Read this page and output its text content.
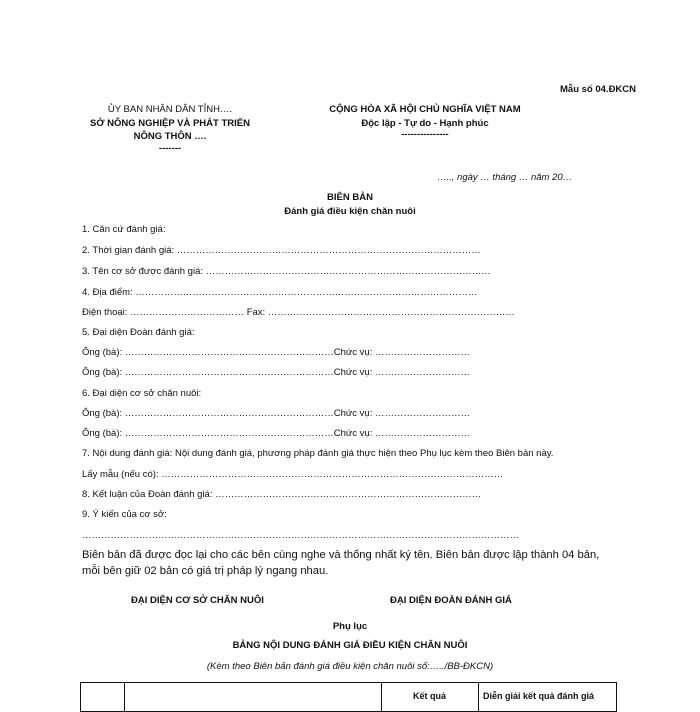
Mẫu số 04.ĐKCN
ỦY BAN NHÂN DÂN TỈNH….
SỞ NÔNG NGHIỆP VÀ PHÁT TRIỂN
NÔNG THÔN ….
-------
CỘNG HÒA XÃ HỘI CHỦ NGHĨA VIỆT NAM
Độc lập - Tự do - Hạnh phúc
---------------
….., ngày … tháng … năm 20…
BIÊN BẢN
Đánh giá điều kiện chăn nuôi
1. Căn cứ đánh giá:
2. Thời gian đánh giá: ……………………………………………………………………………………
3. Tên cơ sở được đánh giá: ………………………………………………………………………………
4. Địa điểm: ………………………………………………………………………………………………
Điện thoại: ……………………………… Fax: ……………………………………………………………………
5. Đại diện Đoàn đánh giá:
Ông (bà): …………………………………………………………Chức vụ: …………………………
Ông (bà): …………………………………………………………Chức vụ: …………………………
6. Đại diện cơ sở chăn nuôi:
Ông (bà): …………………………………………………………Chức vụ: …………………………
Ông (bà): …………………………………………………………Chức vụ: …………………………
7. Nội dung đánh giá: Nội dung đánh giá, phương pháp đánh giá thực hiện theo Phụ lục kèm theo Biên bản này.
Lấy mẫu (nếu có): ………………………………………………………………………………………………
8. Kết luận của Đoàn đánh giá: …………………………………………………………………………
9. Ý kiến của cơ sở:
…………………………………………………………………………………………………………………………
Biên bản đã được đọc lại cho các bên cùng nghe và thống nhất ký tên. Biên bản được lập thành 04 bản,
mỗi bên giữ 02 bản có giá trị pháp lý ngang nhau.
ĐẠI DIỆN CƠ SỞ CHĂN NUÔI	ĐẠI DIỆN ĐOÀN ĐÁNH GIÁ
Phụ lục
BẢNG NỘI DUNG ĐÁNH GIÁ ĐIỀU KIỆN CHĂN NUÔI
(Kèm theo Biên bản đánh giá điều kiện chăn nuôi số:…../BB-ĐKCN)
Kết quả	Diễn giải kết quả đánh giá
